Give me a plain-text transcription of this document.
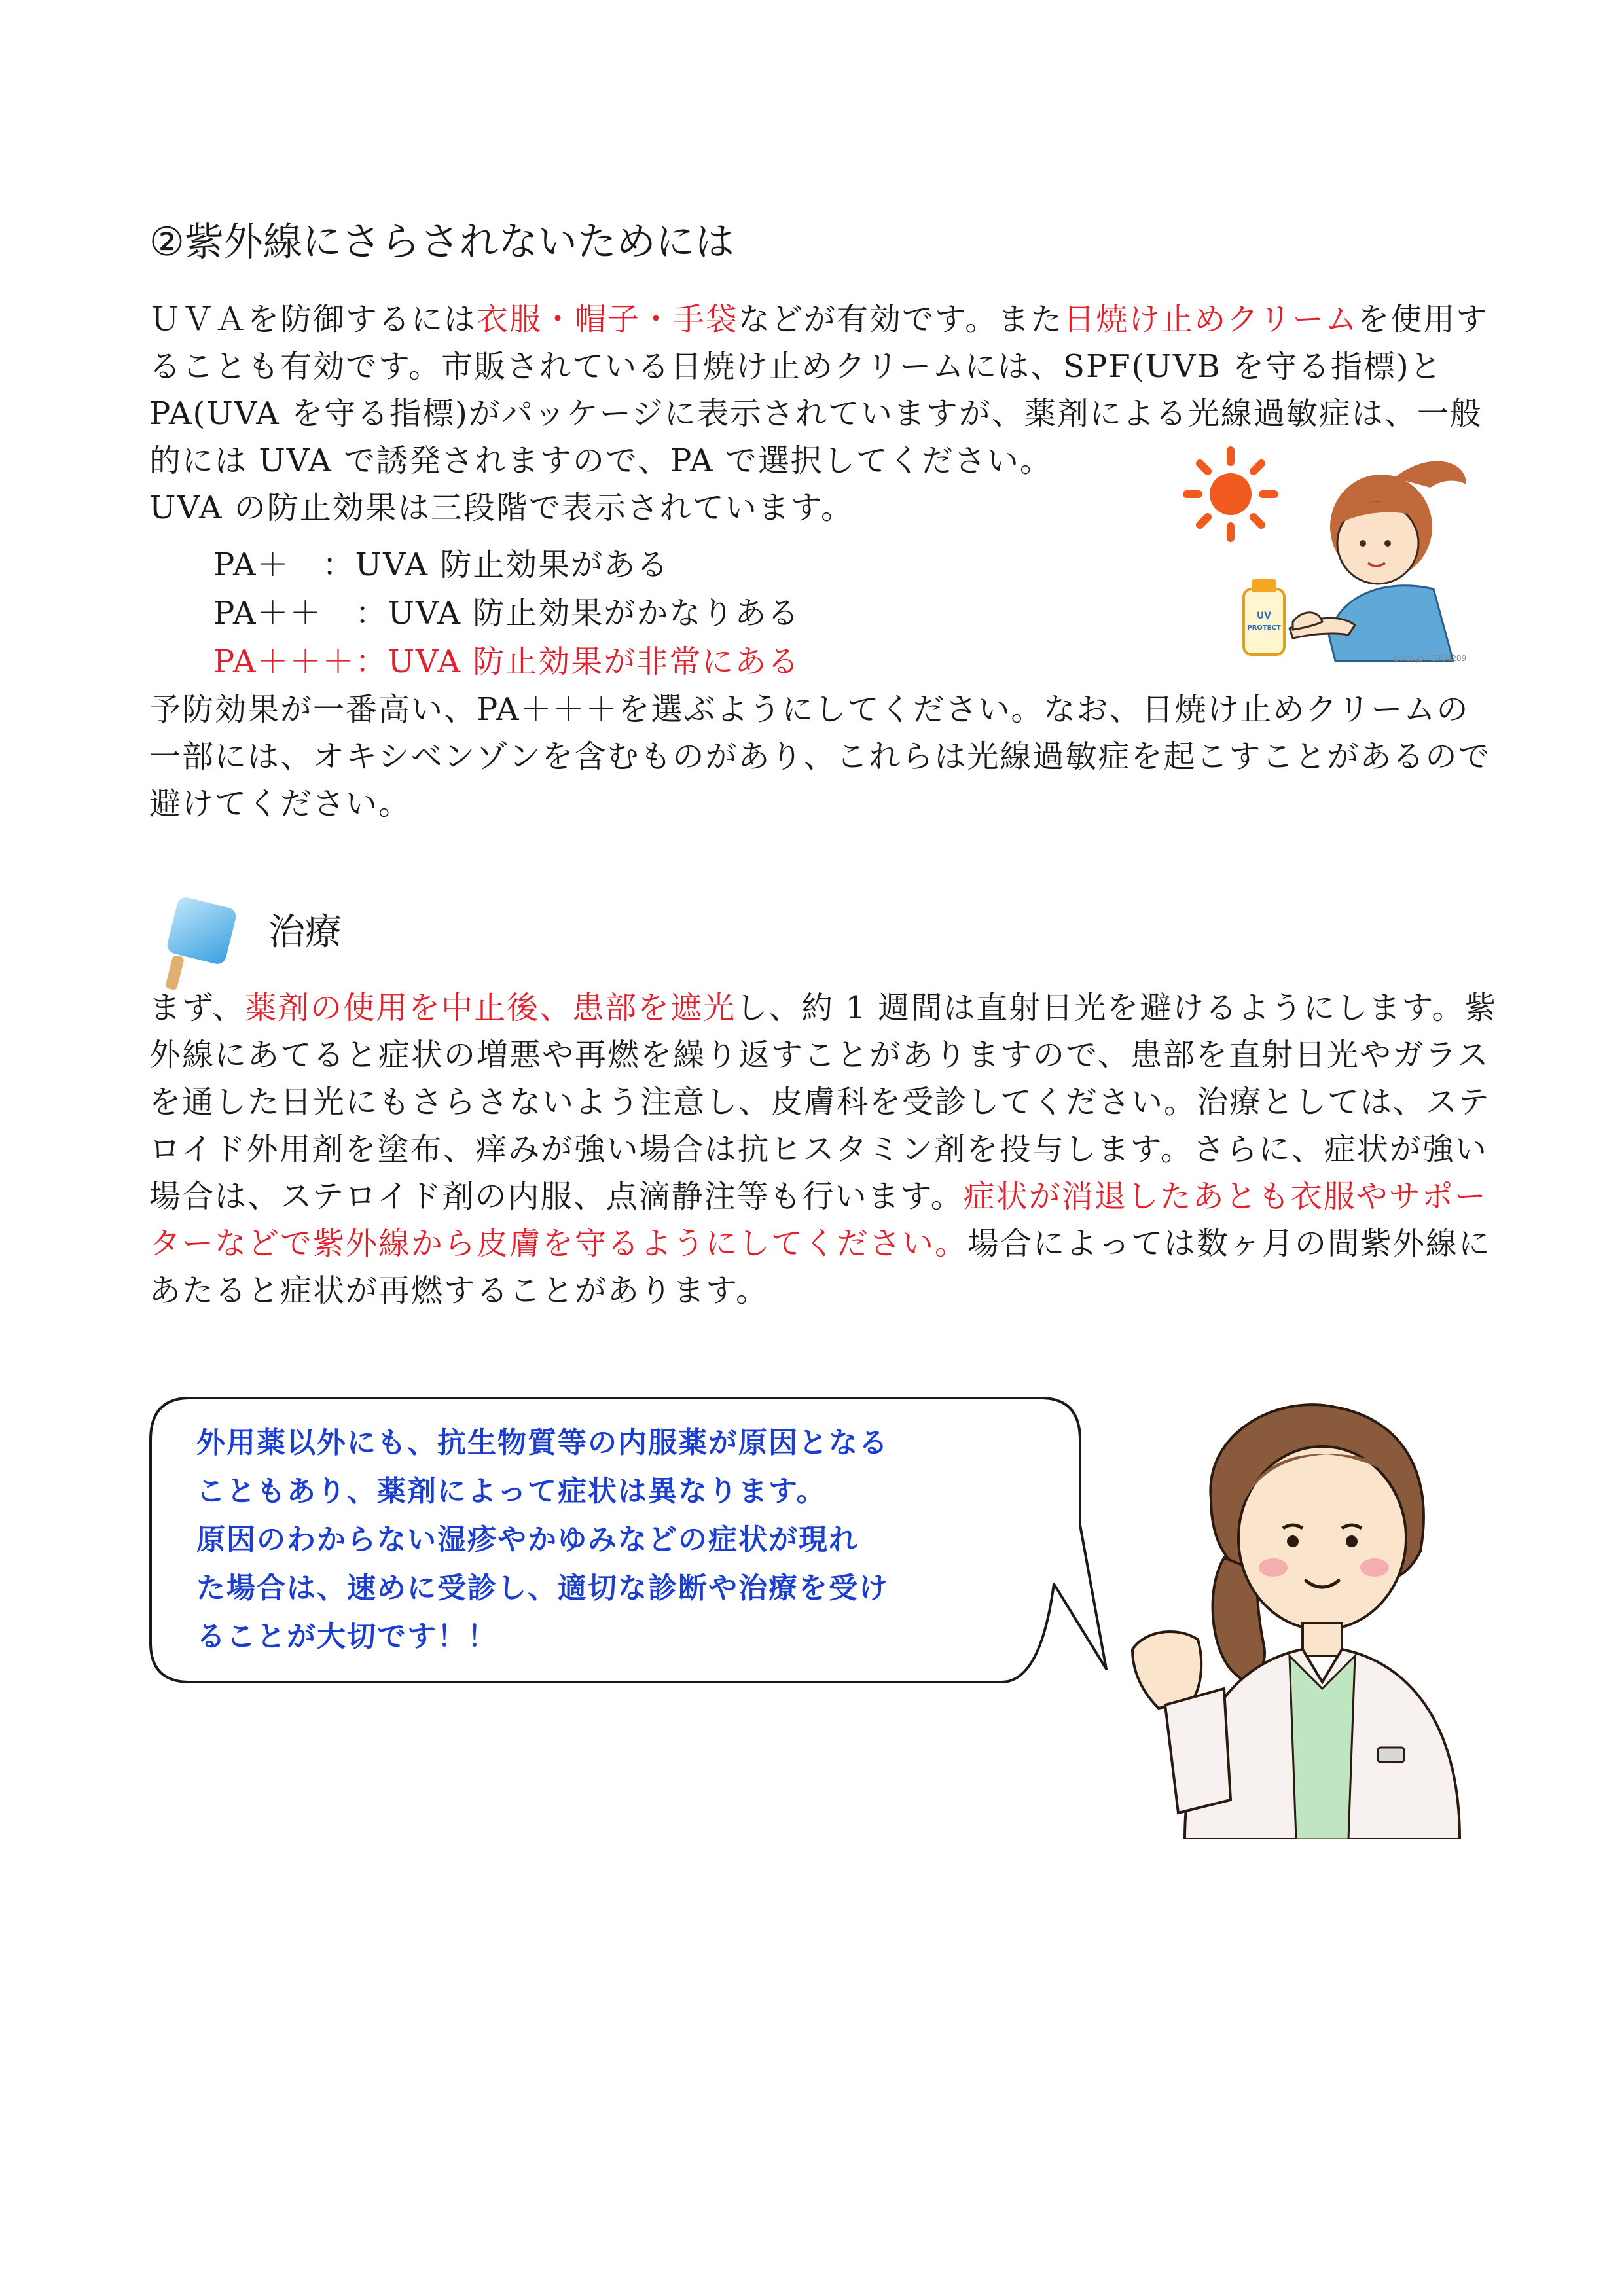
②紫外線にさらされないためには
ＵＶＡを防御するには衣服・帽子・手袋などが有効です。また日焼け止めクリームを使用す
ることも有効です。市販されている日焼け止めクリームには、SPF(UVB を守る指標)と
PA(UVA を守る指標)がパッケージに表示されていますが、薬剤による光線過敏症は、一般
的には UVA で誘発されますので、PA で選択してください。
UVA の防止効果は三段階で表示されています。
PA＋　：UVA 防止効果がある
PA＋＋　：UVA 防止効果がかなりある
PA＋＋＋：UVA 防止効果が非常にある
UV
PROTECT
pixta.jp - 2784209
予防効果が一番高い、PA＋＋＋を選ぶようにしてください。なお、日焼け止めクリームの
一部には、オキシベンゾンを含むものがあり、これらは光線過敏症を起こすことがあるので
避けてください。
治療
まず、薬剤の使用を中止後、患部を遮光し、約 1 週間は直射日光を避けるようにします。紫
外線にあてると症状の増悪や再燃を繰り返すことがありますので、患部を直射日光やガラス
を通した日光にもさらさないよう注意し、皮膚科を受診してください。治療としては、ステ
ロイド外用剤を塗布、痒みが強い場合は抗ヒスタミン剤を投与します。さらに、症状が強い
場合は、ステロイド剤の内服、点滴静注等も行います。症状が消退したあとも衣服やサポー
ターなどで紫外線から皮膚を守るようにしてください。場合によっては数ヶ月の間紫外線に
あたると症状が再燃することがあります。
外用薬以外にも、抗生物質等の内服薬が原因となる
こともあり、薬剤によって症状は異なります。
原因のわからない湿疹やかゆみなどの症状が現れ
た場合は、速めに受診し、適切な診断や治療を受け
ることが大切です！！
